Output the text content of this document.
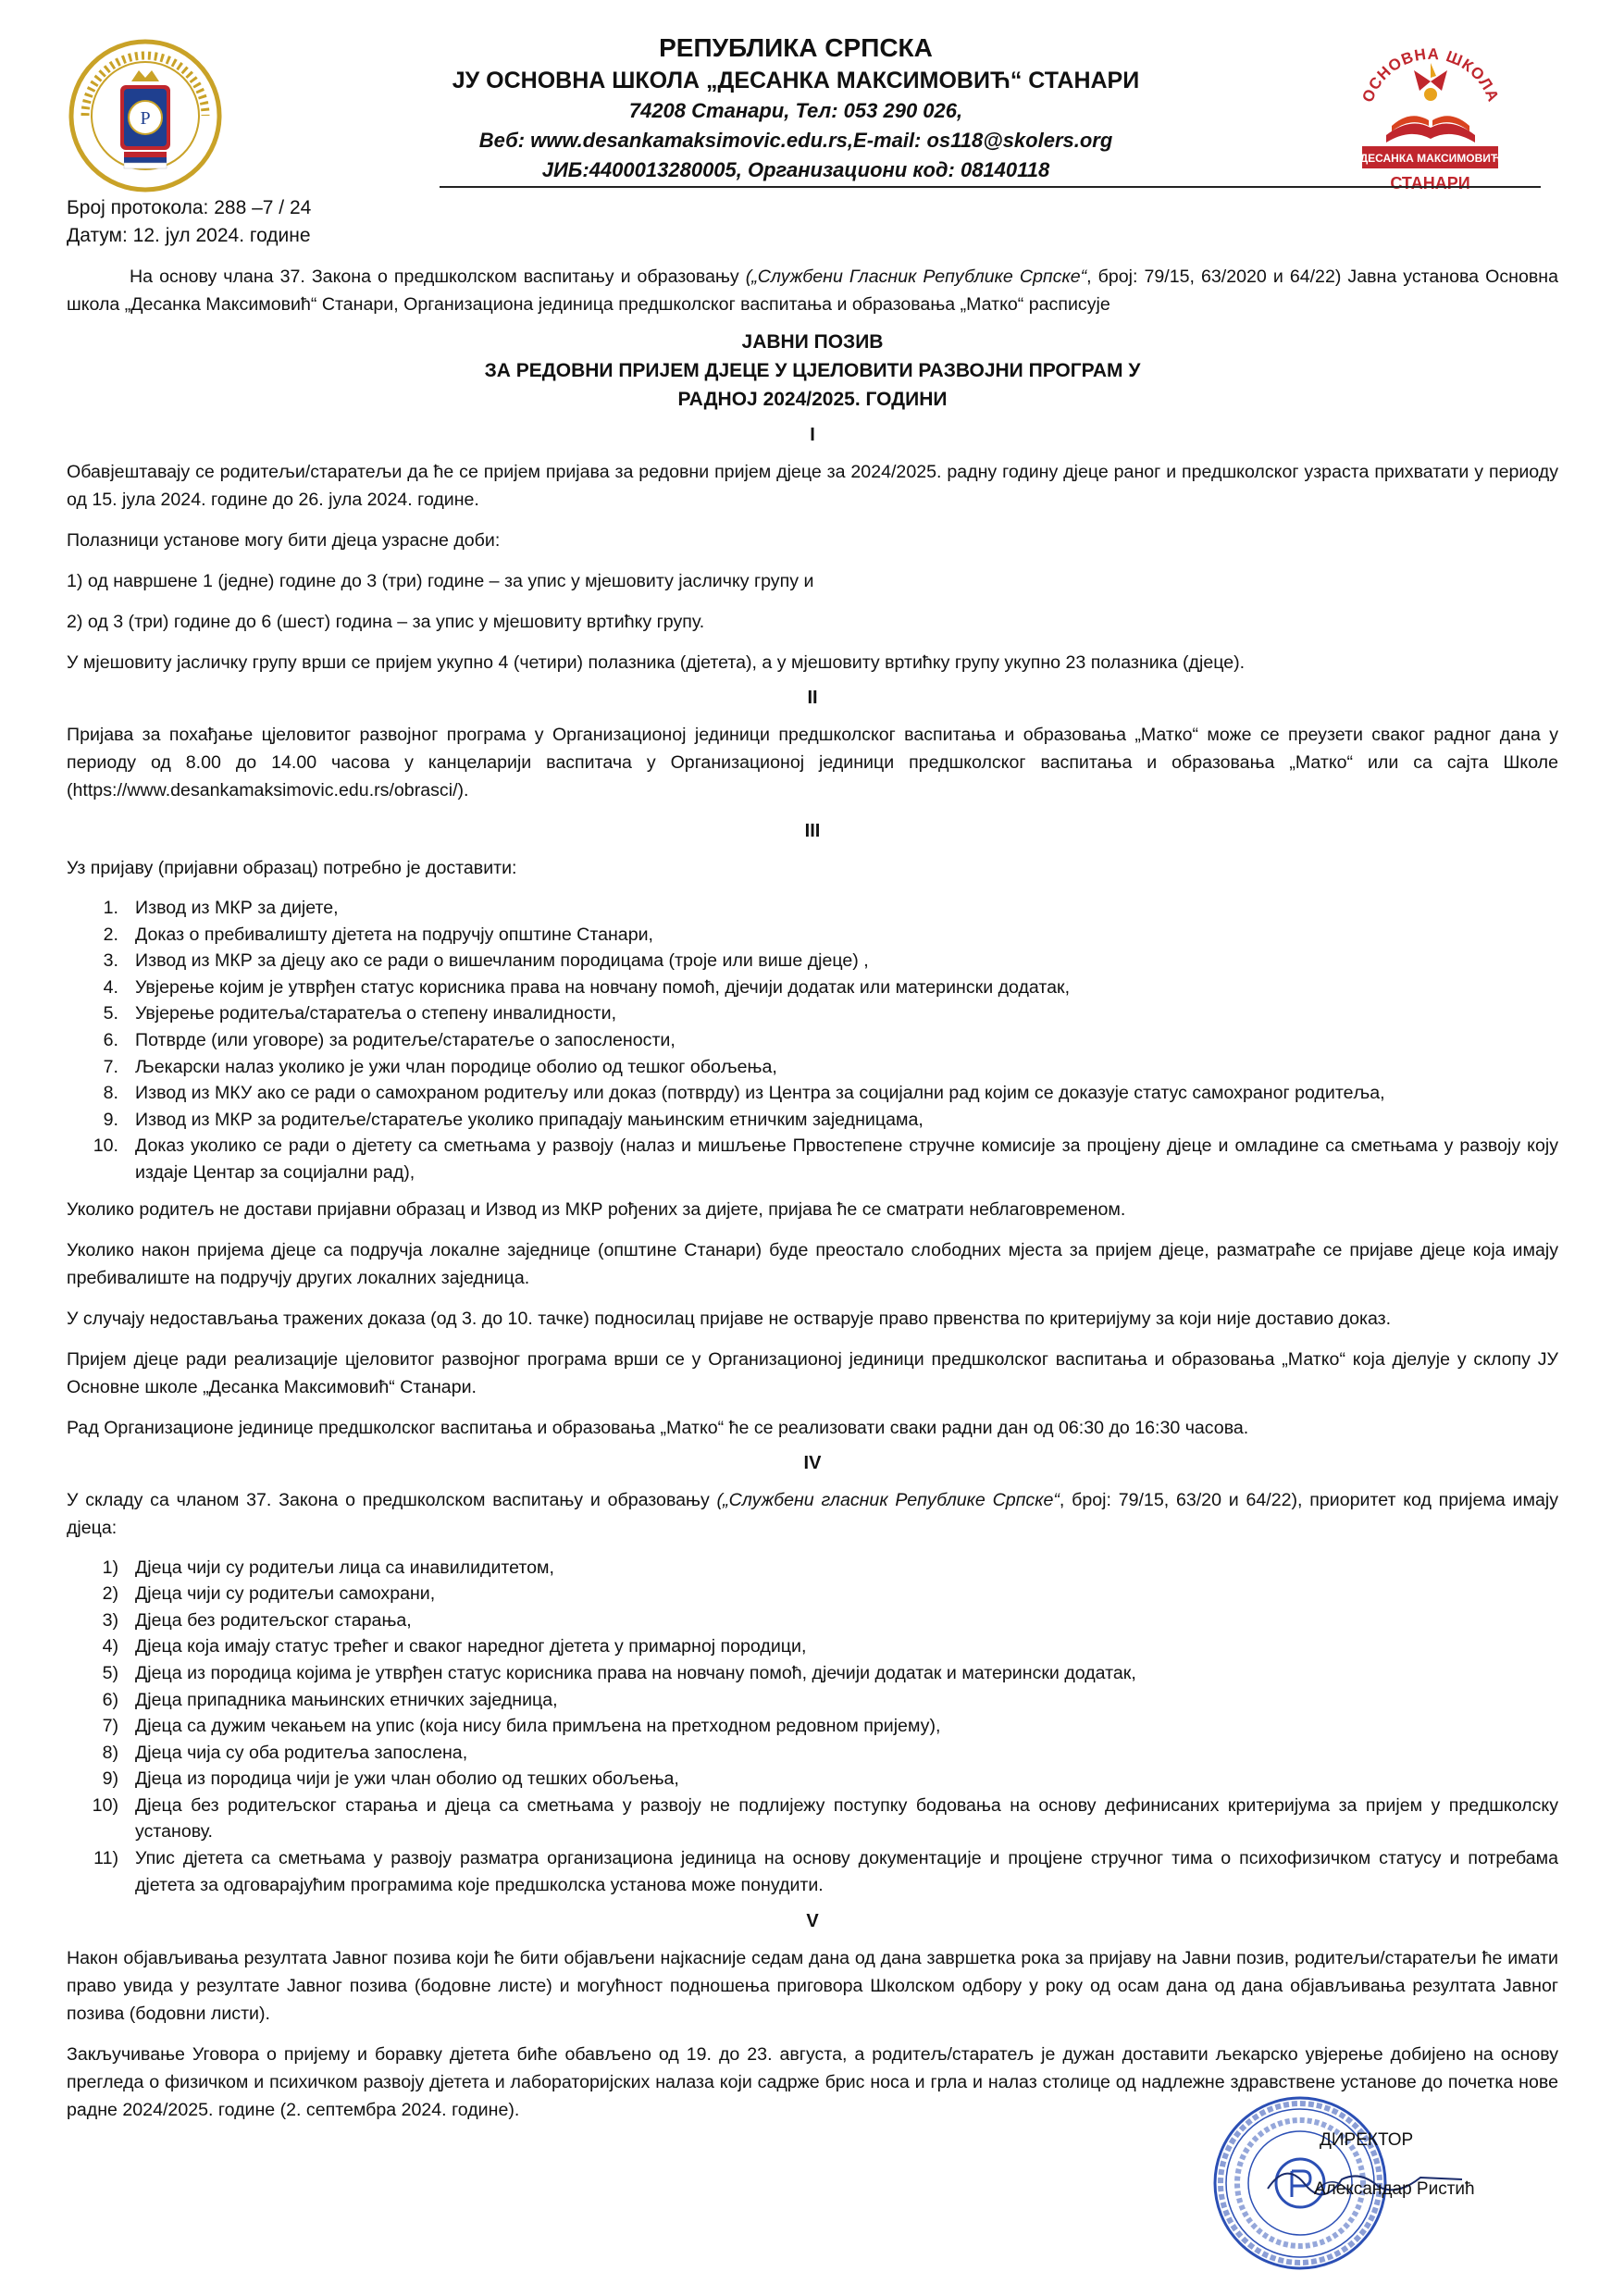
Р
РЕПУБЛИКА СРПСКА
ЈУ ОСНОВНА ШКОЛА „ДЕСАНКА МАКСИМОВИЋ“ СТАНАРИ
74208 Станари, Тел: 053 290 026,
Веб: www.desankamaksimovic.edu.rs,E-mail: os118@skolers.org
ЈИБ:4400013280005, Организациони код: 08140118
ОСНОВНА ШКОЛА
ДЕСАНКА МАКСИМОВИЋ
СТАНАРИ
Број протокола: 288 –7 / 24
Датум: 12. јул 2024. године

На основу члана 37. Закона о предшколском васпитању и образовању („Службени Гласник Републике Српске“, број: 79/15, 63/2020 и 64/22) Јавна установа Основна школа „Десанка Максимовић“ Станари, Организациона јединица предшколског васпитања и образовања „Матко“ расписује

ЈАВНИ ПОЗИВ
ЗА РЕДОВНИ ПРИЈЕМ ДЈЕЦЕ У ЦЈЕЛОВИТИ РАЗВОЈНИ ПРОГРАМ У
РАДНОЈ 2024/2025. ГОДИНИ
I

Обавјештавају се родитељи/старатељи да ће се пријем пријава за редовни пријем дјеце за 2024/2025. радну годину дјеце раног и предшколског узраста прихватати у периоду од 15. јула 2024. године до 26. јула 2024. године.

Полазници установе могу бити дјеца узрасне доби:

1) од навршене 1 (једне) године до 3 (три) године – за упис у мјешовиту јасличку групу и

2) од 3 (три) године до 6 (шест) година – за упис у мјешовиту вртићку групу.

У мјешовиту јасличку групу врши се пријем укупно 4 (четири) полазника (дјетета), а у мјешовиту вртићку групу укупно 23 полазника (дјеце).

II

Пријава за похађање цјеловитог развојног програма у Организационој јединици предшколског васпитања и образовања „Матко“ може се преузети сваког радног дана у периоду од 8.00 до 14.00 часова у канцеларији васпитача у Организационој јединици предшколског васпитања и образовања „Матко“ или са сајта Школе (https://www.desankamaksimovic.edu.rs/obrasci/).

III

Уз пријаву (пријавни образац) потребно је доставити:

1. Извод из МКР за дијете,
2. Доказ о пребивалишту дјетета на подручју општине Станари,
3. Извод из МКР за дјецу ако се ради о вишечланим породицама (троје или више дјеце) ,
4. Увјерење којим је утврђен статус корисника права на новчану помоћ, дјечији додатак или матерински додатак,
5. Увјерење родитеља/старатеља о степену инвалидности,
6. Потврде (или уговоре) за родитеље/старатеље о запослености,
7. Љекарски налаз уколико је ужи члан породице оболио од тешког обољења,
8. Извод из МКУ ако се ради о самохраном родитељу или доказ (потврду) из Центра за социјални рад којим се доказује статус самохраног родитеља,
9. Извод из МКР за родитеље/старатеље уколико припадају мањинским етничким заједницама,
10. Доказ уколико се ради о дјетету са сметњама у развоју (налаз и мишљење Првостепене стручне комисије за процјену дјеце и омладине са сметњама у развоју коју издаје Центар за социјални рад),

Уколико родитељ не достави пријавни образац и Извод из МКР рођених за дијете, пријава ће се сматрати неблаговременом.

Уколико након пријема дјеце са подручја локалне заједнице (општине Станари) буде преостало слободних мјеста за пријем дјеце, разматраће се пријаве дјеце која имају пребивалиште на подручју других локалних заједница.

У случају недостављања тражених доказа (од 3. до 10. тачке) подносилац пријаве не остварује право првенства по критеријуму за који није доставио доказ.

Пријем дјеце ради реализације цјеловитог развојног програма врши се у Организационој јединици предшколског васпитања и образовања „Матко“ која дјелује у склопу ЈУ Основне школе „Десанка Максимовић“ Станари.

Рад Организационе јединице предшколског васпитања и образовања „Матко“ ће се реализовати сваки радни дан од 06:30 до 16:30 часова.

IV

У складу са чланом 37. Закона о предшколском васпитању и образовању („Службени гласник Републике Српске“, број: 79/15, 63/20 и 64/22), приоритет код пријема имају дјеца:

1) Дјеца чији су родитељи лица са инавилидитетом,
2) Дјеца чији су родитељи самохрани,
3) Дјеца без родитељског старања,
4) Дјеца која имају статус трећег и сваког наредног дјетета у примарној породици,
5) Дјеца из породица којима је утврђен статус корисника права на новчану помоћ, дјечији додатак и матерински додатак,
6) Дјеца припадника мањинских етничких заједница,
7) Дјеца са дужим чекањем на упис (која нису била примљена на претходном редовном пријему),
8) Дјеца чија су оба родитеља запослена,
9) Дјеца из породица чији је ужи члан оболио од тешких обољења,
10) Дјеца без родитељског старања и дјеца са сметњама у развоју не подлијежу поступку бодовања на основу дефинисаних критеријума за пријем у предшколску установу.
11) Упис дјетета са сметњама у развоју разматра организациона јединица на основу документације и процјене стручног тима о психофизичком статусу и потребама дјетета за одговарајућим програмима које предшколска установа може понудити.
V

Након објављивања резултата Јавног позива који ће бити објављени најкасније седам дана од дана завршетка рока за пријаву на Јавни позив, родитељи/старатељи ће имати право увида у резултате Јавног позива (бодовне листе) и могућност подношења приговора Школском одбору у року од осам дана од дана објављивања резултата Јавног позива (бодовни листи).

Закључивање Уговора о пријему и боравку дјетета биће обављено од 19. до 23. августа, а родитељ/старатељ је дужан доставити љекарско увјерење добијено на основу прегледа о физичком и психичком развоју дјетета и лабораторијских налаза који садрже брис носа и грла и налаз столице од надлежне здравствене установе до почетка нове радне 2024/2025. године (2. септембра 2024. године).

ДИРЕКТОР
Александар Ристић
